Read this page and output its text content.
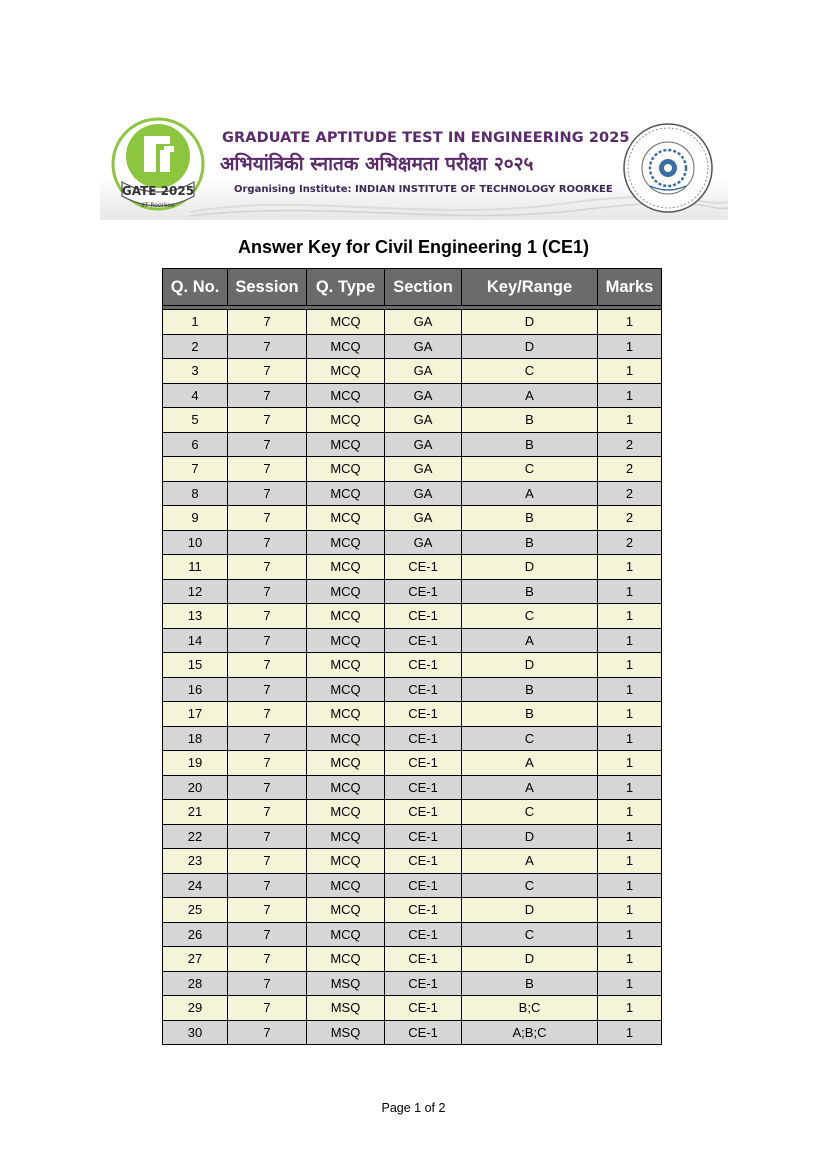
GATE 2025
IIT Roorkee
GRADUATE APTITUDE TEST IN ENGINEERING 2025
अभियांत्रिकी स्नातक अभिक्षमता परीक्षा २०२५
Organising Institute: INDIAN INSTITUTE OF TECHNOLOGY ROORKEE
Answer Key for Civil Engineering 1 (CE1)
Q. No.	Session	Q. Type	Section	Key/Range	Marks

1	7	MCQ	GA	D	1
2	7	MCQ	GA	D	1
3	7	MCQ	GA	C	1
4	7	MCQ	GA	A	1
5	7	MCQ	GA	B	1
6	7	MCQ	GA	B	2
7	7	MCQ	GA	C	2
8	7	MCQ	GA	A	2
9	7	MCQ	GA	B	2
10	7	MCQ	GA	B	2
11	7	MCQ	CE-1	D	1
12	7	MCQ	CE-1	B	1
13	7	MCQ	CE-1	C	1
14	7	MCQ	CE-1	A	1
15	7	MCQ	CE-1	D	1
16	7	MCQ	CE-1	B	1
17	7	MCQ	CE-1	B	1
18	7	MCQ	CE-1	C	1
19	7	MCQ	CE-1	A	1
20	7	MCQ	CE-1	A	1
21	7	MCQ	CE-1	C	1
22	7	MCQ	CE-1	D	1
23	7	MCQ	CE-1	A	1
24	7	MCQ	CE-1	C	1
25	7	MCQ	CE-1	D	1
26	7	MCQ	CE-1	C	1
27	7	MCQ	CE-1	D	1
28	7	MSQ	CE-1	B	1
29	7	MSQ	CE-1	B;C	1
30	7	MSQ	CE-1	A;B;C	1
Page 1 of 2
